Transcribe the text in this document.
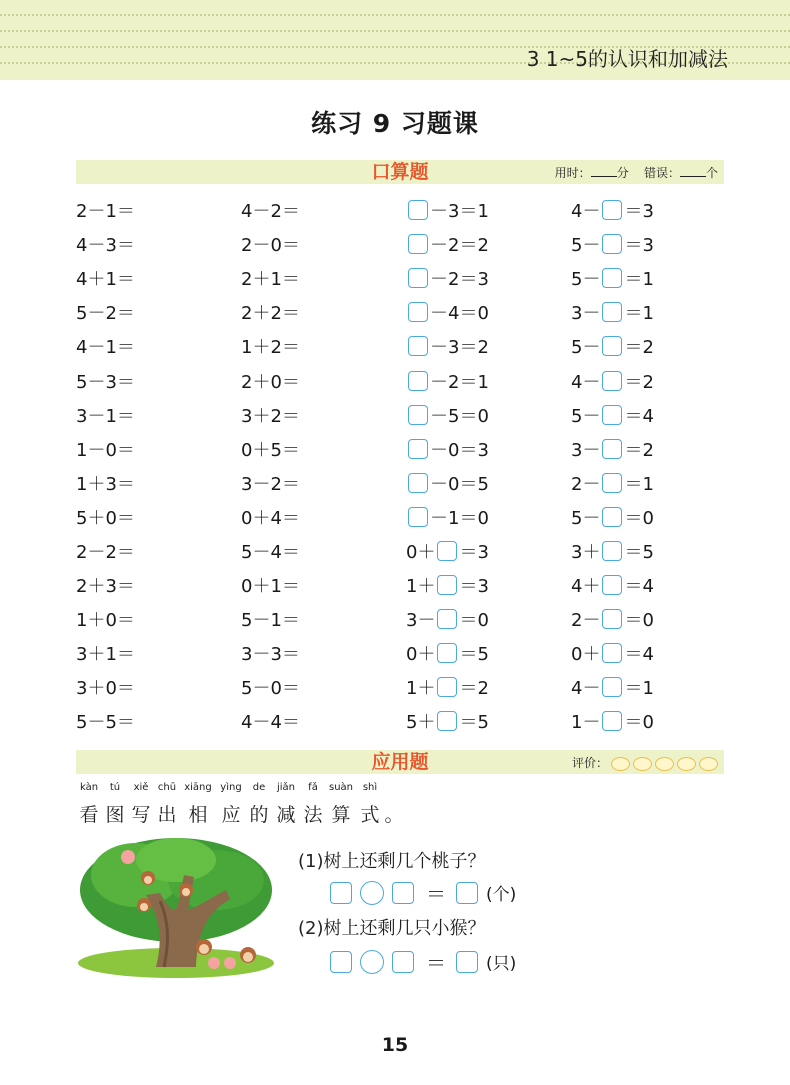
3 1~5的认识和加减法
练习 9 习题课
口算题	用时： 分 错误： 个
2－1＝	4－2＝	－3＝1	4－ ＝3
4－3＝	2－0＝	－2＝2	5－ ＝3
4＋1＝	2＋1＝	－2＝3	5－ ＝1
5－2＝	2＋2＝	－4＝0	3－ ＝1
4－1＝	1＋2＝	－3＝2	5－ ＝2
5－3＝	2＋0＝	－2＝1	4－ ＝2
3－1＝	3＋2＝	－5＝0	5－ ＝4
1－0＝	0＋5＝	－0＝3	3－ ＝2
1＋3＝	3－2＝	－0＝5	2－ ＝1
5＋0＝	0＋4＝	－1＝0	5－ ＝0
2－2＝	5－4＝	0＋ ＝3	3＋ ＝5
2＋3＝	0＋1＝	1＋ ＝3	4＋ ＝4
1＋0＝	5－1＝	3－ ＝0	2－ ＝0
3＋1＝	3－3＝	0＋ ＝5	0＋ ＝4
3＋0＝	5－0＝	1＋ ＝2	4－ ＝1
5－5＝	4－4＝	5＋ ＝5	1－ ＝0
应用题	评价：
kàn	tú	xiě chū xiāng yìng	de	jiǎn	fǎ	suàn shì
看 图 写 出 相 应 的 减 法 算 式 。
(1)树上还剩几个桃子？
＝ (个)
(2)树上还剩几只小猴？
＝ (只)
15
